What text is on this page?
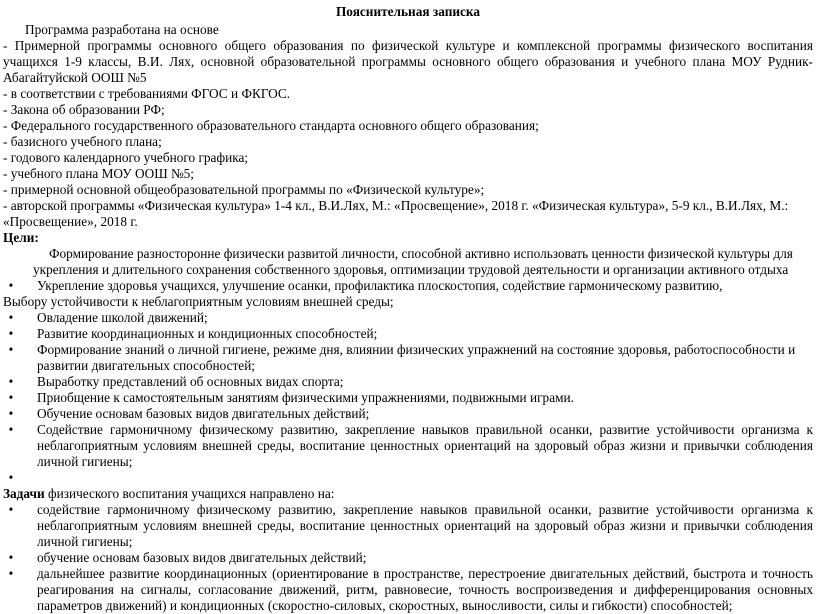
Пояснительная записка
Программа разработана на основе
- Примерной программы основного общего образования по физической культуре и комплексной программы физического воспитания учащихся 1-9 классы, В.И. Лях, основной образовательной программы основного общего образования и учебного плана МОУ Рудник-Абагайтуйской ООШ №5
- в соответствии с требованиями ФГОС и ФКГОС.
- Закона об образовании РФ;
- Федерального государственного образовательного стандарта основного общего образования;
- базисного учебного плана;
- годового календарного учебного графика;
- учебного плана МОУ ООШ №5;
- примерной основной общеобразовательной программы по «Физической культуре»;
- авторской программы «Физическая культура» 1-4 кл., В.И.Лях, М.: «Просвещение», 2018 г. «Физическая культура», 5-9 кл., В.И.Лях, М.: «Просвещение», 2018 г.
Цели:
Формирование разносторонне физически развитой личности, способной активно использовать ценности физической культуры для укрепления и длительного сохранения собственного здоровья, оптимизации трудовой деятельности и организации активного отдыха
• Укрепление здоровья учащихся, улучшение осанки, профилактика плоскостопия, содействие гармоническому развитию,
Выбору устойчивости к неблагоприятным условиям внешней среды;
• Овладение школой движений;
• Развитие координационных и кондиционных способностей;
• Формирование знаний о личной гигиене, режиме дня, влиянии физических упражнений на состояние здоровья, работоспособности и развитии двигательных способностей;
• Выработку представлений об основных видах спорта;
• Приобщение к самостоятельным занятиям физическими упражнениями, подвижными играми.
• Обучение основам базовых видов двигательных действий;
• Содействие гармоничному физическому развитию, закрепление навыков правильной осанки, развитие устойчивости организма к неблагоприятным условиям внешней среды, воспитание ценностных ориентаций на здоровый образ жизни и привычки соблюдения личной гигиены;
•
Задачи физического воспитания учащихся направлено на:
• содействие гармоничному физическому развитию, закрепление навыков правильной осанки, развитие устойчивости организма к неблагоприятным условиям внешней среды, воспитание ценностных ориентаций на здоровый образ жизни и привычки соблюдения личной гигиены;
• обучение основам базовых видов двигательных действий;
• дальнейшее развитие координационных (ориентирование в пространстве, перестроение двигательных действий, быстрота и точность реагирования на сигналы, согласование движений, ритм, равновесие, точность воспроизведения и дифференцирования основных параметров движений) и кондиционных (скоростно-силовых, скоростных, выносливости, силы и гибкости) способностей;
